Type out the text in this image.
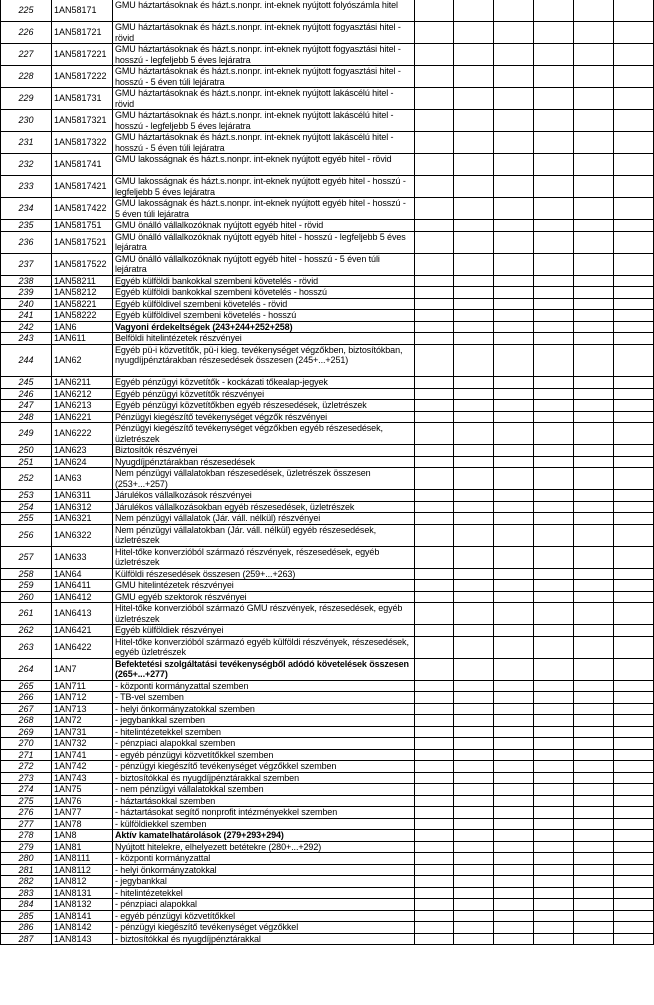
225	1AN58171	GMU háztartásoknak és házt.s.nonpr. int-eknek nyújtott folyószámla hitel						
226	1AN581721	GMU háztartásoknak és házt.s.nonpr. int-eknek nyújtott fogyasztási hitel - rövid						
227	1AN5817221	GMU háztartásoknak és házt.s.nonpr. int-eknek nyújtott fogyasztási hitel - hosszú - legfeljebb 5 éves lejáratra						
228	1AN5817222	GMU háztartásoknak és házt.s.nonpr. int-eknek nyújtott fogyasztási hitel - hosszú - 5 éven túli lejáratra						
229	1AN581731	GMU háztartásoknak és házt.s.nonpr. int-eknek nyújtott lakáscélú hitel - rövid						
230	1AN5817321	GMU háztartásoknak és házt.s.nonpr. int-eknek nyújtott lakáscélú hitel - hosszú - legfeljebb 5 éves lejáratra						
231	1AN5817322	GMU háztartásoknak és házt.s.nonpr. int-eknek nyújtott lakáscélú hitel - hosszú - 5 éven túli lejáratra						
232	1AN581741	GMU lakosságnak és házt.s.nonpr. int-eknek nyújtott egyéb hitel - rövid						
233	1AN5817421	GMU lakosságnak és házt.s.nonpr. int-eknek nyújtott egyéb hitel - hosszú - legfeljebb 5 éves lejáratra						
234	1AN5817422	GMU lakosságnak és házt.s.nonpr. int-eknek nyújtott egyéb hitel - hosszú - 5 éven túli lejáratra						
235	1AN581751	GMU önálló vállalkozóknak nyújtott egyéb hitel - rövid						
236	1AN5817521	GMU önálló vállalkozóknak nyújtott egyéb hitel - hosszú - legfeljebb 5 éves lejáratra						
237	1AN5817522	GMU önálló vállalkozóknak nyújtott egyéb hitel - hosszú - 5 éven túli lejáratra						
238	1AN58211	Egyéb külföldi bankokkal szembeni követelés - rövid						
239	1AN58212	Egyéb külföldi bankokkal szembeni követelés - hosszú						
240	1AN58221	Egyéb külföldivel szembeni követelés - rövid						
241	1AN58222	Egyéb külföldivel szembeni követelés - hosszú						
242	1AN6	Vagyoni érdekeltségek (243+244+252+258)						
243	1AN611	Belföldi hitelintézetek részvényei						
244	1AN62	Egyéb pü-i közvetítők, pü-i kieg. tevékenységet végzőkben, biztosítókban, nyugdíjpénztárakban részesedések összesen (245+...+251)						
245	1AN6211	Egyéb pénzügyi közvetítők - kockázati tőkealap-jegyek						
246	1AN6212	Egyéb pénzügyi közvetítők részvényei						
247	1AN6213	Egyéb pénzügyi közvetítőkben egyéb részesedések, üzletrészek						
248	1AN6221	Pénzügyi kiegészítő tevékenységet végzők részvényei						
249	1AN6222	Pénzügyi kiegészítő tevékenységet végzőkben egyéb részesedések, üzletrészek						
250	1AN623	Biztosítók részvényei						
251	1AN624	Nyugdíjpénztárakban részesedések						
252	1AN63	Nem pénzügyi vállalatokban részesedések, üzletrészek összesen (253+...+257)						
253	1AN6311	Járulékos vállalkozások részvényei						
254	1AN6312	Járulékos vállalkozásokban egyéb részesedések, üzletrészek						
255	1AN6321	Nem pénzügyi vállalatok (Jár. váll. nélkül) részvényei						
256	1AN6322	Nem pénzügyi vállalatokban (Jár. váll. nélkül) egyéb részesedések, üzletrészek						
257	1AN633	Hitel-tőke konverzióból származó részvények, részesedések, egyéb üzletrészek						
258	1AN64	Külföldi részesedések összesen (259+...+263)						
259	1AN6411	GMU hitelintézetek részvényei						
260	1AN6412	GMU egyéb szektorok részvényei						
261	1AN6413	Hitel-tőke konverzióból származó GMU részvények, részesedések, egyéb üzletrészek						
262	1AN6421	Egyéb külföldiek részvényei						
263	1AN6422	Hitel-tőke konverzióból származó egyéb külföldi részvények, részesedések, egyéb üzletrészek						
264	1AN7	Befektetési szolgáltatási tevékenységből adódó követelések összesen (265+...+277)						
265	1AN711	- központi kormányzattal szemben						
266	1AN712	- TB-vel szemben						
267	1AN713	- helyi önkormányzatokkal szemben						
268	1AN72	- jegybankkal szemben						
269	1AN731	- hitelintézetekkel szemben						
270	1AN732	- pénzpiaci alapokkal szemben						
271	1AN741	- egyéb pénzügyi közvetítőkkel szemben						
272	1AN742	- pénzügyi kiegészítő tevékenységet végzőkkel szemben						
273	1AN743	- biztosítókkal és nyugdíjpénztárakkal szemben						
274	1AN75	- nem pénzügyi vállalatokkal szemben						
275	1AN76	- háztartásokkal szemben						
276	1AN77	- háztartásokat segítő nonprofit intézményekkel szemben						
277	1AN78	- külföldiekkel szemben						
278	1AN8	Aktív kamatelhatárolások (279+293+294)						
279	1AN81	Nyújtott hitelekre, elhelyezett betétekre (280+...+292)						
280	1AN8111	- központi kormányzattal						
281	1AN8112	- helyi önkormányzatokkal						
282	1AN812	- jegybankkal						
283	1AN8131	- hitelintézetekkel						
284	1AN8132	- pénzpiaci alapokkal						
285	1AN8141	- egyéb pénzügyi közvetítőkkel						
286	1AN8142	- pénzügyi kiegészítő tevékenységet végzőkkel						
287	1AN8143	- biztosítókkal és nyugdíjpénztárakkal						
